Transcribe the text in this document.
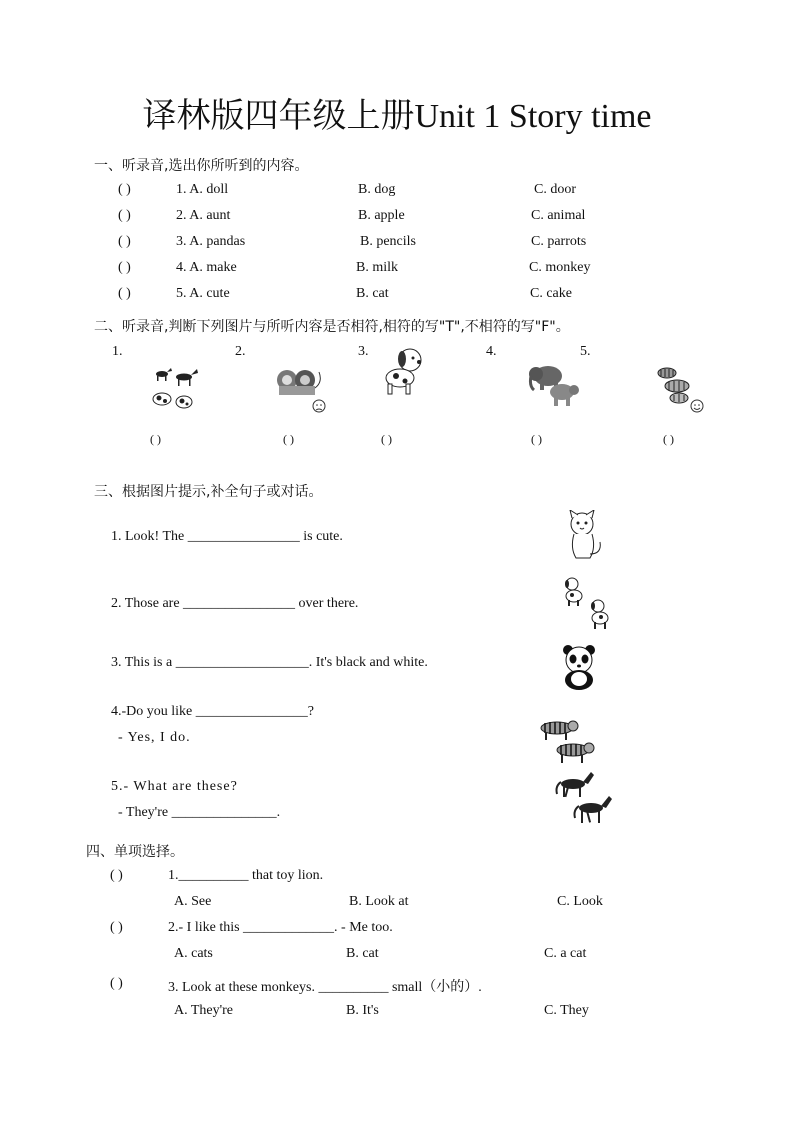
译林版四年级上册Unit 1 Story time
一、听录音,选出你所听到的内容。
( )	1. A. doll	B. dog	C. door
( )	2. A. aunt	B. apple	C. animal
( )	3. A. pandas	B. pencils	C. parrots
( )	4. A. make	B. milk	C. monkey
( )	5. A. cute	B. cat	C. cake
二、听录音,判断下列图片与所听内容是否相符,相符的写"T",不相符的写"F"。
1.	2.	3.	4.	5.
( )	( )	( )	( )	( )
三、根据图片提示,补全句子或对话。
1. Look! The ________________ is cute.
2. Those are ________________ over there.
3. This is a ___________________. It's black and white.
4.-Do you like ________________?
- Yes, I do.
5.- What are these?
- They're _______________.
四、单项选择。
( )	1.__________ that toy lion.
A. See	B. Look at	C. Look
( )	2.- I like this _____________. - Me too.
A. cats	B. cat	C. a cat
( )	3. Look at these monkeys. __________ small（小的）.
A. They're	B. It's	C. They
